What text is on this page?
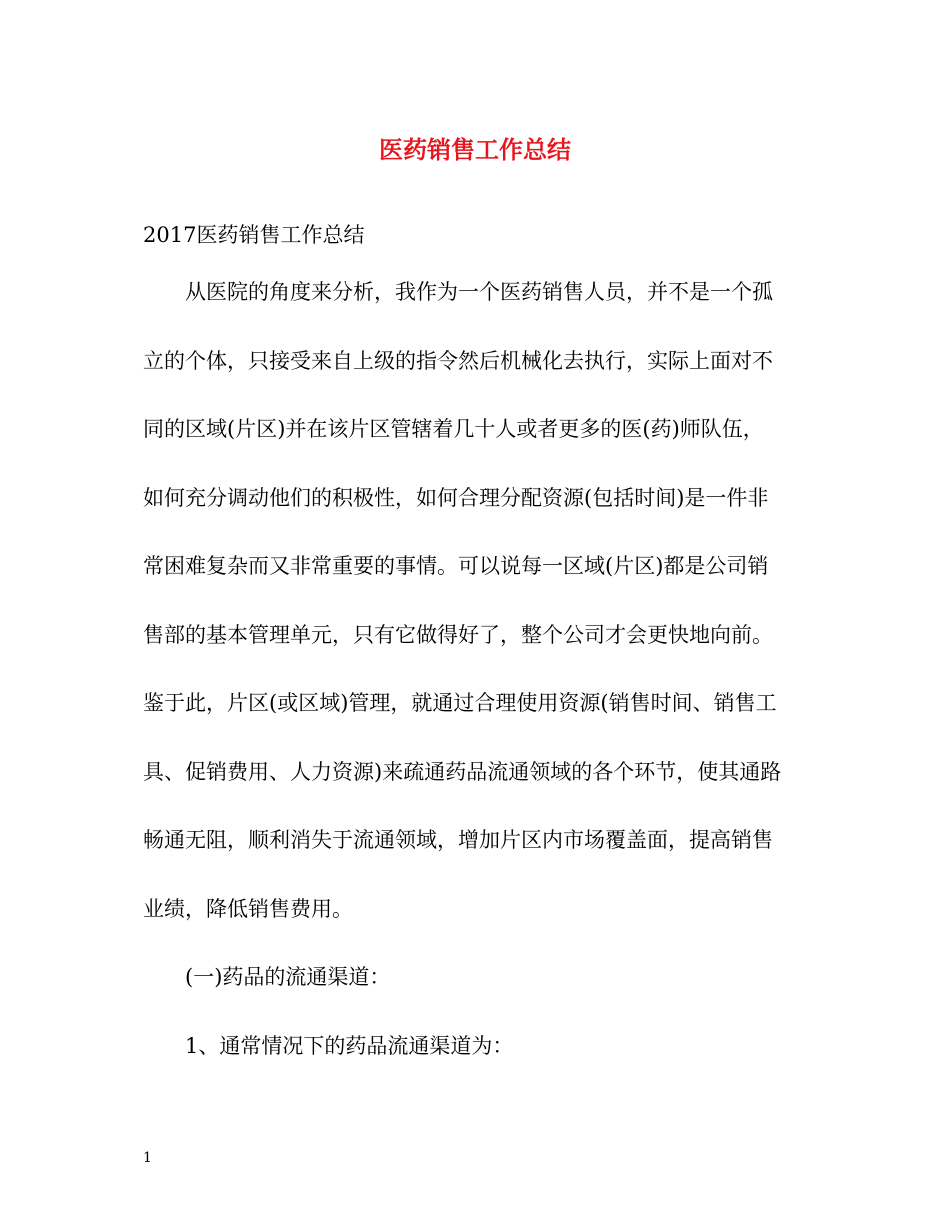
医药销售工作总结
2017医药销售工作总结
从医院的角度来分析，我作为一个医药销售人员，并不是一个孤
立的个体，只接受来自上级的指令然后机械化去执行，实际上面对不
同的区域(片区)并在该片区管辖着几十人或者更多的医(药)师队伍，
如何充分调动他们的积极性，如何合理分配资源(包括时间)是一件非
常困难复杂而又非常重要的事情。可以说每一区域(片区)都是公司销
售部的基本管理单元，只有它做得好了，整个公司才会更快地向前。
鉴于此，片区(或区域)管理，就通过合理使用资源(销售时间、销售工
具、促销费用、人力资源)来疏通药品流通领域的各个环节，使其通路
畅通无阻，顺利消失于流通领域，增加片区内市场覆盖面，提高销售
业绩，降低销售费用。
(一)药品的流通渠道：
1、通常情况下的药品流通渠道为：
1
